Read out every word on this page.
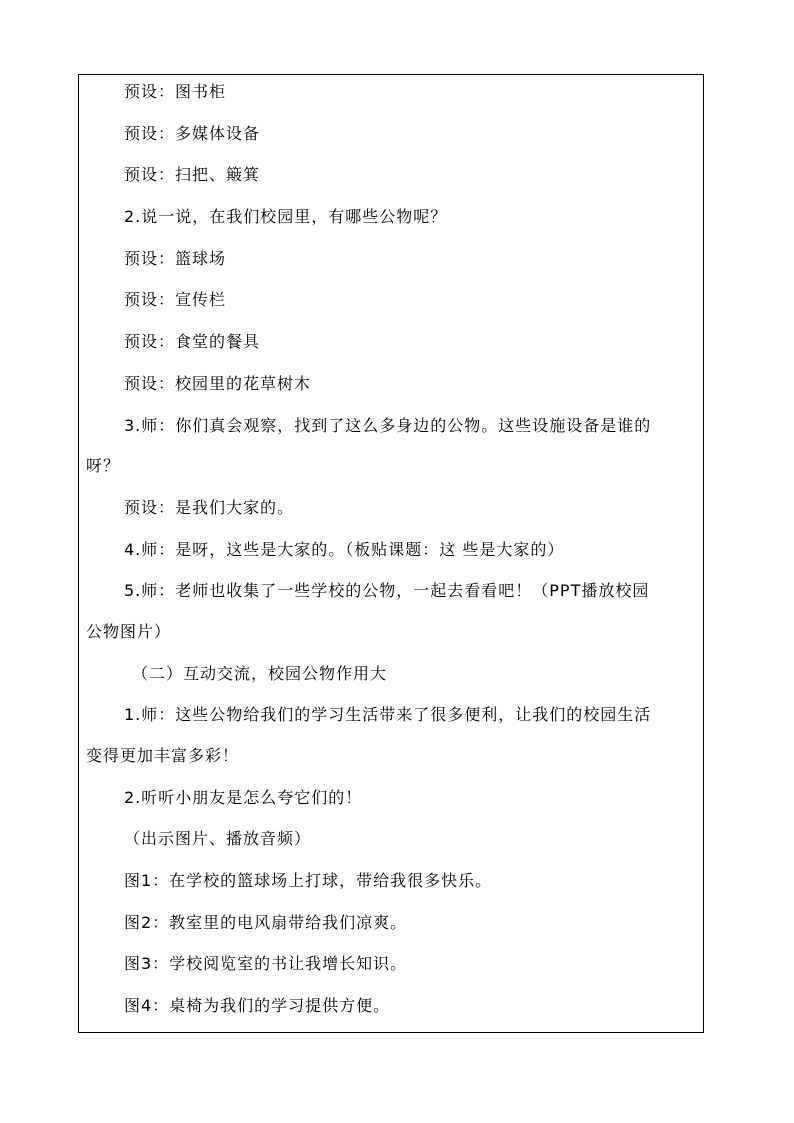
预设：图书柜
预设：多媒体设备
预设：扫把、簸箕
2.说一说，在我们校园里，有哪些公物呢？
预设：篮球场
预设：宣传栏
预设：食堂的餐具
预设：校园里的花草树木
3.师：你们真会观察，找到了这么多身边的公物。这些设施设备是谁的
呀？
预设：是我们大家的。
4.师：是呀，这些是大家的。（板贴课题：这 些是大家的）
5.师：老师也收集了一些学校的公物，一起去看看吧！（PPT播放校园
公物图片）
（二）互动交流，校园公物作用大
1.师：这些公物给我们的学习生活带来了很多便利，让我们的校园生活
变得更加丰富多彩！
2.听听小朋友是怎么夸它们的！
（出示图片、播放音频）
图1：在学校的篮球场上打球，带给我很多快乐。
图2：教室里的电风扇带给我们凉爽。
图3：学校阅览室的书让我增长知识。
图4：桌椅为我们的学习提供方便。
